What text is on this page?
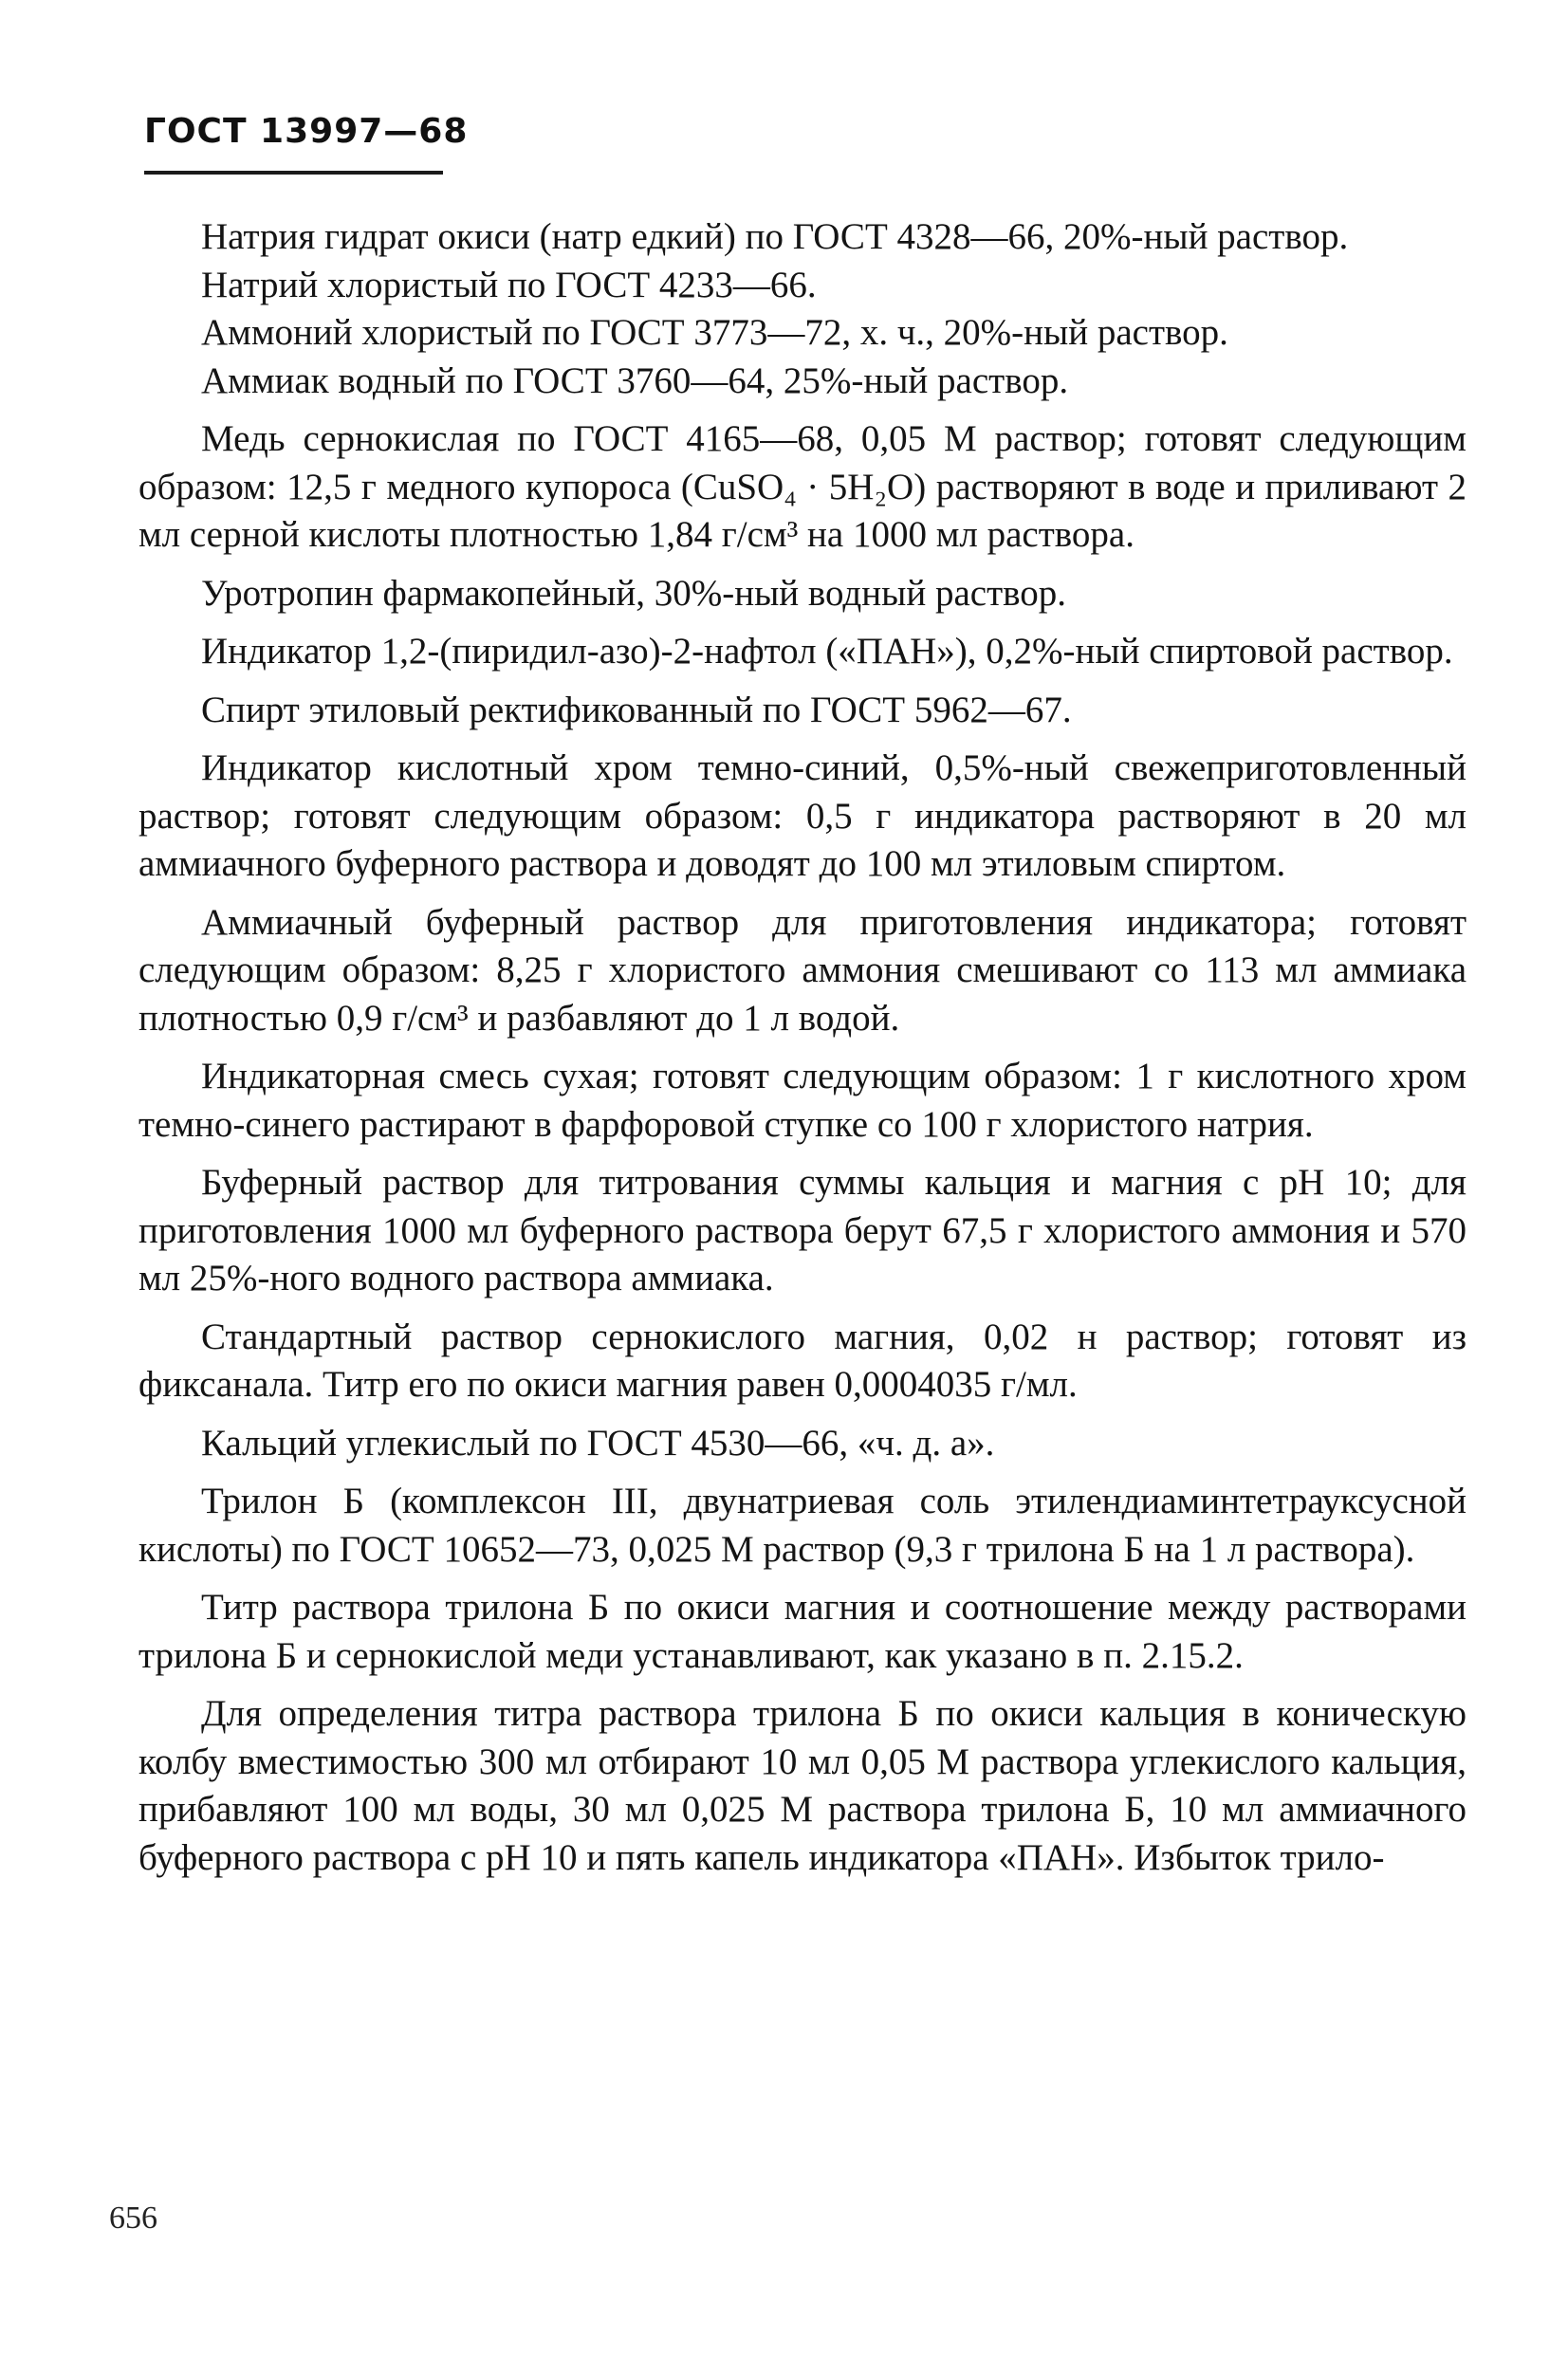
ГОСТ 13997—68

Натрия гидрат окиси (натр едкий) по ГОСТ 4328—66, 20%-ный раствор.

Натрий хлористый по ГОСТ 4233—66.

Аммоний хлористый по ГОСТ 3773—72, х. ч., 20%-ный раствор.

Аммиак водный по ГОСТ 3760—64, 25%-ный раствор.

Медь сернокислая по ГОСТ 4165—68, 0,05 М раствор; готовят следующим образом: 12,5 г медного купороса (CuSO₄ · 5H₂O) растворяют в воде и приливают 2 мл серной кислоты плотностью 1,84 г/см³ на 1000 мл раствора.

Уротропин фармакопейный, 30%-ный водный раствор.

Индикатор 1,2-(пиридил-азо)-2-нафтол («ПАН»), 0,2%-ный спиртовой раствор.

Спирт этиловый ректификованный по ГОСТ 5962—67.

Индикатор кислотный хром темно-синий, 0,5%-ный свежеприготовленный раствор; готовят следующим образом: 0,5 г индикатора растворяют в 20 мл аммиачного буферного раствора и доводят до 100 мл этиловым спиртом.

Аммиачный буферный раствор для приготовления индикатора; готовят следующим образом: 8,25 г хлористого аммония смешивают со 113 мл аммиака плотностью 0,9 г/см³ и разбавляют до 1 л водой.

Индикаторная смесь сухая; готовят следующим образом: 1 г кислотного хром темно-синего растирают в фарфоровой ступке со 100 г хлористого натрия.

Буферный раствор для титрования суммы кальция и магния с рН 10; для приготовления 1000 мл буферного раствора берут 67,5 г хлористого аммония и 570 мл 25%-ного водного раствора аммиака.

Стандартный раствор сернокислого магния, 0,02 н раствор; готовят из фиксанала. Титр его по окиси магния равен 0,0004035 г/мл.

Кальций углекислый по ГОСТ 4530—66, «ч. д. а».

Трилон Б (комплексон III, двунатриевая соль этилендиаминтетрауксусной кислоты) по ГОСТ 10652—73, 0,025 М раствор (9,3 г трилона Б на 1 л раствора).

Титр раствора трилона Б по окиси магния и соотношение между растворами трилона Б и сернокислой меди устанавливают, как указано в п. 2.15.2.

Для определения титра раствора трилона Б по окиси кальция в коническую колбу вместимостью 300 мл отбирают 10 мл 0,05 М раствора углекислого кальция, прибавляют 100 мл воды, 30 мл 0,025 М раствора трилона Б, 10 мл аммиачного буферного раствора с рН 10 и пять капель индикатора «ПАН». Избыток трило-

656
